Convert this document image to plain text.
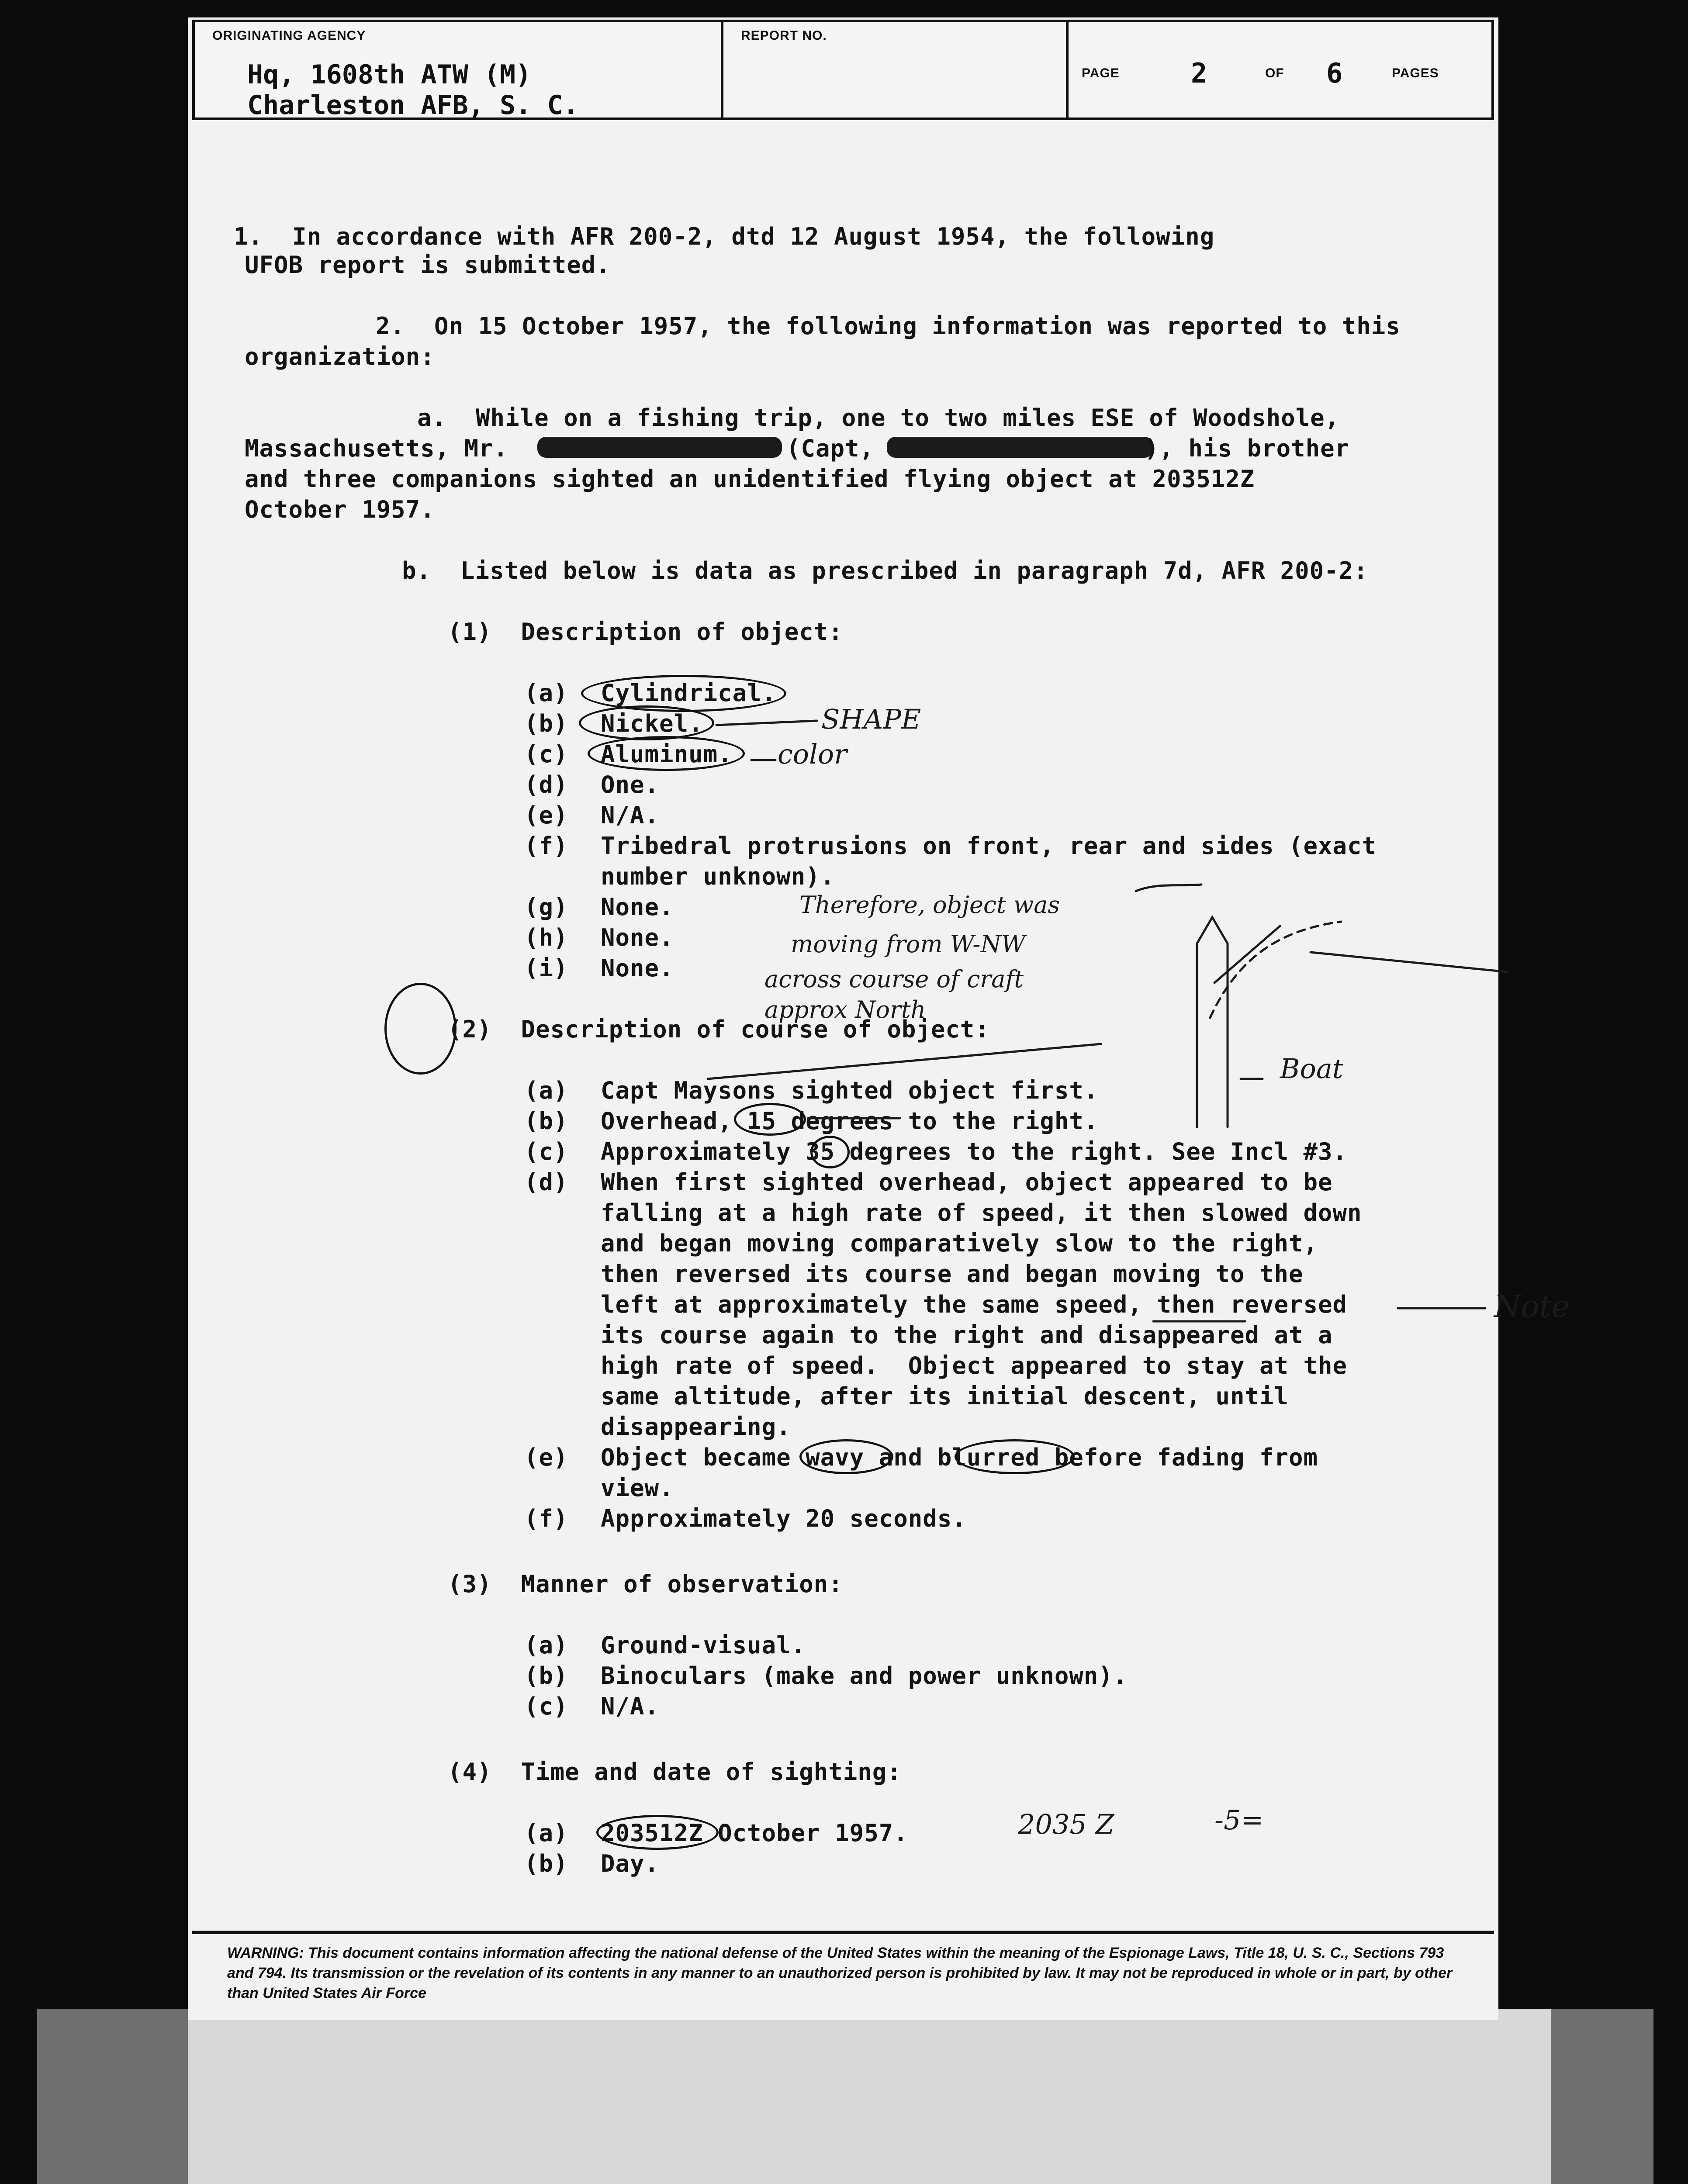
ORIGINATING AGENCY
Hq, 1608th ATW (M)
Charleston AFB, S. C.
REPORT NO.
PAGE	2	OF 6	PAGES
1.  In accordance with AFR 200-2, dtd 12 August 1954, the following
UFOB report is submitted.
2.  On 15 October 1957, the following information was reported to this
organization:
a.  While on a fishing trip, one to two miles ESE of Woodshole,
Massachusetts, Mr.	(Capt,	), his brother
and three companions sighted an unidentified flying object at 203512Z
October 1957.
b.  Listed below is data as prescribed in paragraph 7d, AFR 200-2:
(1)  Description of object:
(a) Cylindrical.
(b) Nickel.
(c) Aluminum.
(d) One.
(e) N/A.
(f) Tribedral protrusions on front, rear and sides (exact
number unknown).
(g) None.
(h) None.
(i) None.
(2)  Description of course of object:
(a) Capt Maysons sighted object first.
(b) Overhead, 15 degrees to the right.
(c) Approximately 35 degrees to the right. See Incl #3.
(d) When first sighted overhead, object appeared to be
falling at a high rate of speed, it then slowed down
and began moving comparatively slow to the right,
then reversed its course and began moving to the
left at approximately the same speed, then reversed
its course again to the right and disappeared at a
high rate of speed.  Object appeared to stay at the
same altitude, after its initial descent, until
disappearing.
(e) Object became wavy and blurred before fading from
view.
(f) Approximately 20 seconds.
(3)  Manner of observation:
(a) Ground-visual.
(b) Binoculars (make and power unknown).
(c) N/A.
(4)  Time and date of sighting:
(a) 203512Z October 1957.
(b) Day.
SHAPE
color
Therefore, object was
moving from W-NW
across course of craft
approx North
Boat
Note
2035 Z	-5=

WARNING: This document contains information affecting the national defense of the United States within the meaning of the Espionage Laws, Title 18, U. S. C., Sections 793 and 794. Its transmission or the revelation of its contents in any manner to an unauthorized person is prohibited by law. It may not be reproduced in whole or in part, by other than United States Air Force
